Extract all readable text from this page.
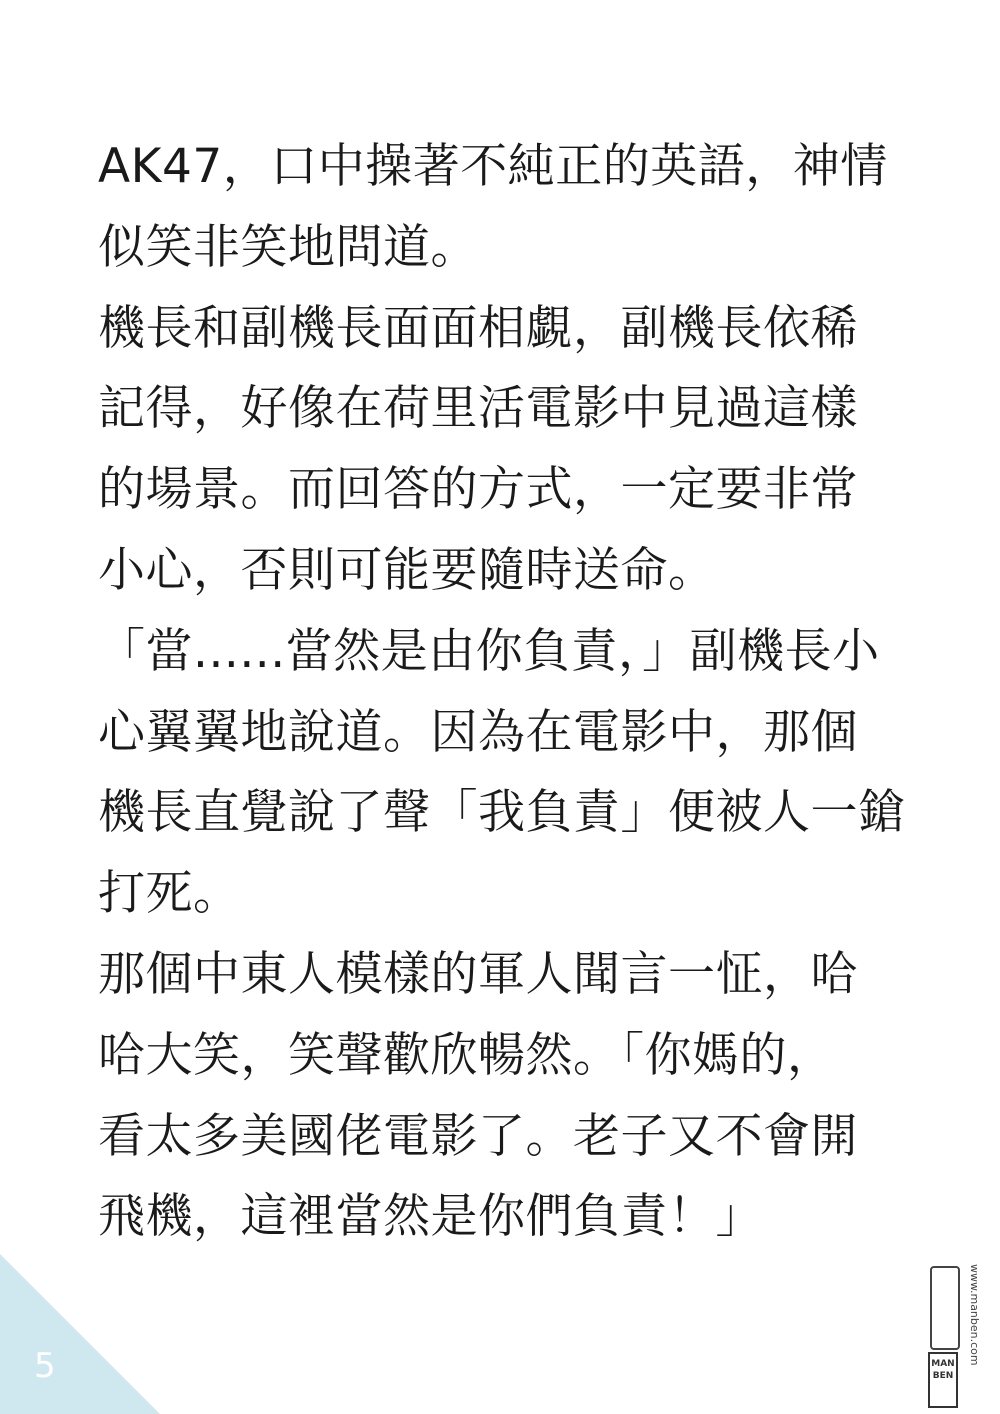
AK47，口中操著不純正的英語，神情
似笑非笑地問道。
機長和副機長面面相覷，副機長依稀
記得，好像在荷里活電影中見過這樣
的場景。而回答的方式，一定要非常
小心，否則可能要隨時送命。
「當......當然是由你負責，」副機長小
心翼翼地說道。因為在電影中，那個
機長直覺說了聲「我負責」便被人一鎗
打死。
那個中東人模樣的軍人聞言一怔，哈
哈大笑，笑聲歡欣暢然。「你媽的，
看太多美國佬電影了。老子又不會開
飛機，這裡當然是你們負責！」
5	MAN BEN
www.manben.com
